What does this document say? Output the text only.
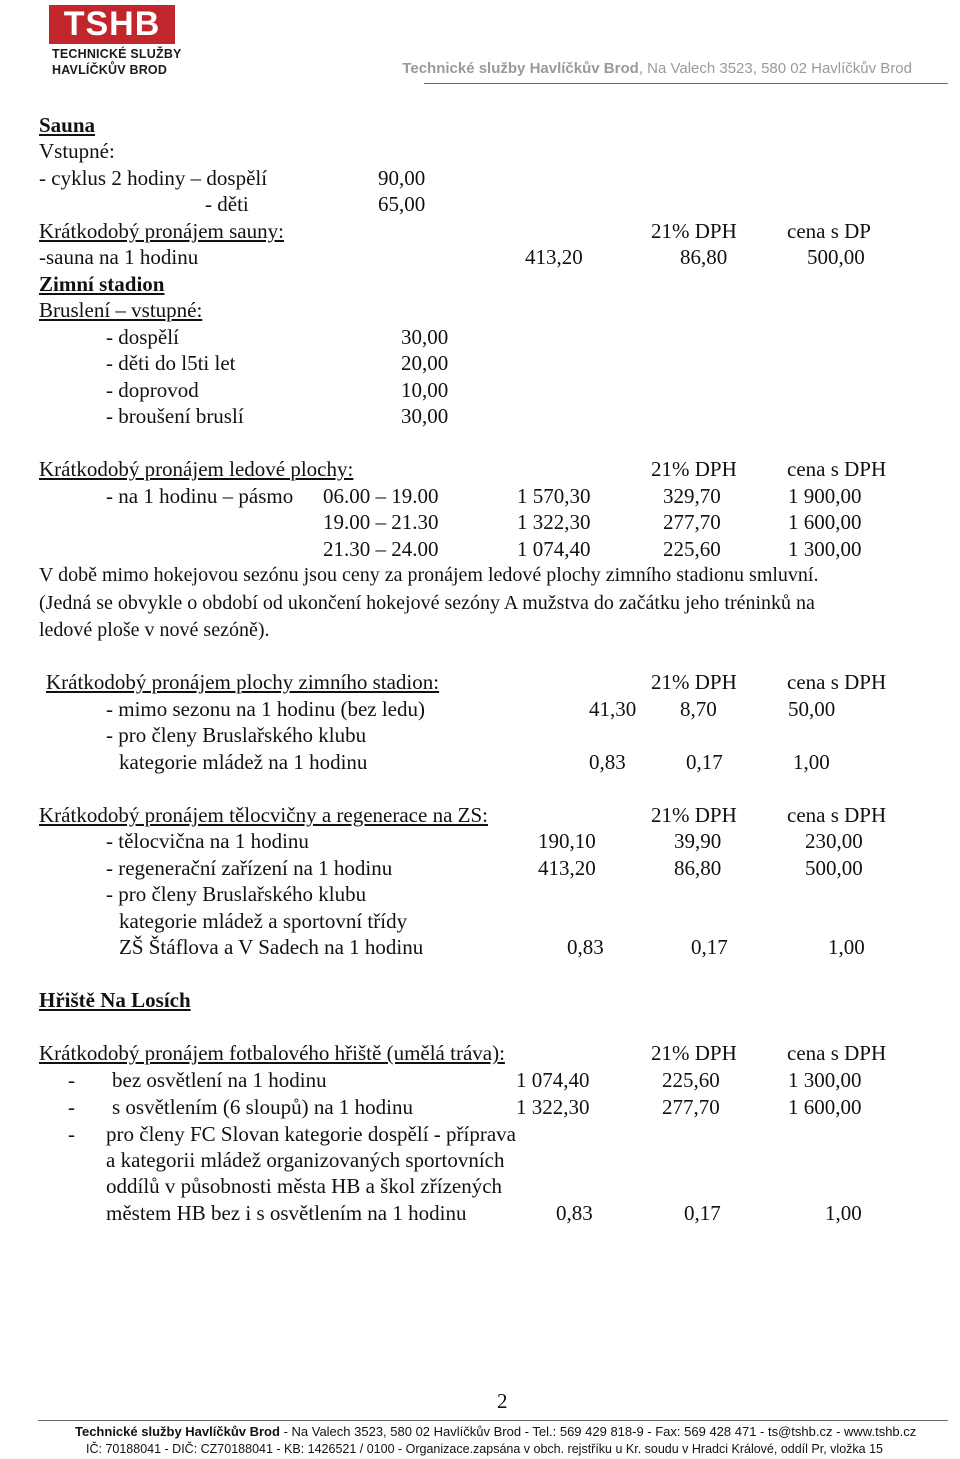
TSHB
TECHNICKÉ SLUŽBY
HAVLÍČKŮV BROD	Technické služby Havlíčkův Brod, Na Valech 3523, 580 02 Havlíčkův Brod
Sauna
Vstupné:
- cyklus 2 hodiny – dospělí	90,00
- děti	65,00
Krátkodobý pronájem sauny:	21% DPH cena s DP
-sauna na 1 hodinu	413,20	86,80	500,00
Zimní stadion
Bruslení – vstupné:
- dospělí	30,00
- děti do l5ti let	20,00
- doprovod	10,00
- broušení bruslí	30,00
Krátkodobý pronájem ledové plochy:	21% DPH cena s DPH
- na 1 hodinu – pásmo 06.00 – 19.00	1 570,30	329,70	1 900,00
19.00 – 21.30	1 322,30	277,70	1 600,00
21.30 – 24.00	1 074,40	225,60	1 300,00
V době mimo hokejovou sezónu jsou ceny za pronájem ledové plochy zimního stadionu smluvní.
(Jedná se obvykle o období od ukončení hokejové sezóny A mužstva do začátku jeho tréninků na
ledové ploše v nové sezóně).
Krátkodobý pronájem plochy zimního stadion:	21% DPH cena s DPH
- mimo sezonu na 1 hodinu (bez ledu)	41,30 8,70	50,00
- pro členy Bruslařského klubu
kategorie mládež na 1 hodinu	0,83	0,17	1,00
Krátkodobý pronájem tělocvičny a regenerace na ZS:	21% DPH cena s DPH
- tělocvična na 1 hodinu	190,10	39,90	230,00
- regenerační zařízení na 1 hodinu	413,20	86,80	500,00
- pro členy Bruslařského klubu
kategorie mládež a sportovní třídy
ZŠ Štáflova a V Sadech na 1 hodinu	0,83	0,17	1,00
Hřiště Na Losích
Krátkodobý pronájem fotbalového hřiště (umělá tráva):	21% DPH cena s DPH
- bez osvětlení na 1 hodinu	1 074,40	225,60	1 300,00
- s osvětlením (6 sloupů) na 1 hodinu	1 322,30	277,70	1 600,00
- pro členy FC Slovan kategorie dospělí - příprava
a kategorii mládež organizovaných sportovních
oddílů v působnosti města HB a škol zřízených
městem HB bez i s osvětlením na 1 hodinu	0,83	0,17	1,00
2
Technické služby Havlíčkův Brod - Na Valech 3523, 580 02 Havlíčkův Brod - Tel.: 569 429 818-9 - Fax: 569 428 471 - ts@tshb.cz - www.tshb.cz
IČ: 70188041 - DIČ: CZ70188041 - KB: 1426521 / 0100 - Organizace.zapsána v obch. rejstříku u Kr. soudu v Hradci Králové, oddíl Pr, vložka 15
